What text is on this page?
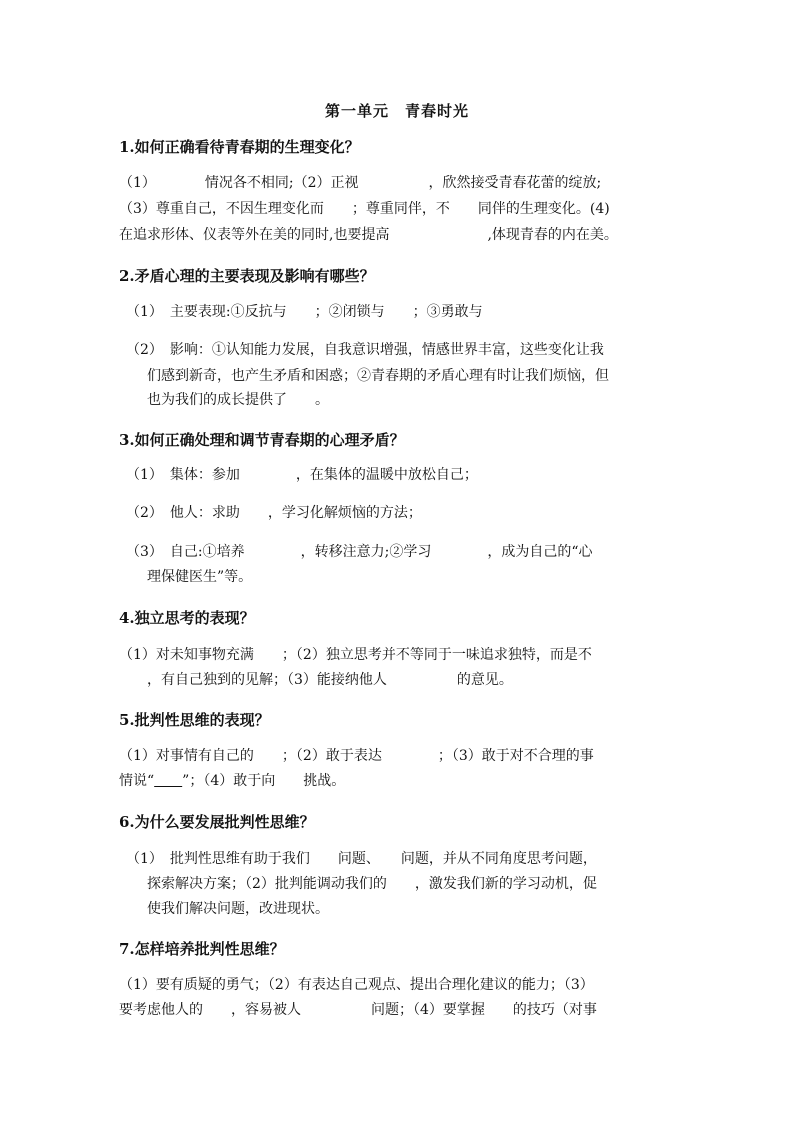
第一单元　青春时光
1.如何正确看待青春期的生理变化？
（1）　　　　情况各不相同;（2）正视　　　　　，欣然接受青春花蕾的绽放;
（3）尊重自己，不因生理变化而　　；尊重同伴，不　　同伴的生理变化。(4)
在追求形体、仪表等外在美的同时,也要提高　　　　　　　,体现青春的内在美。
2.矛盾心理的主要表现及影响有哪些？
（1）　主要表现:①反抗与　　；②闭锁与　　；③勇敢与
（2）　影响：①认知能力发展，自我意识增强，情感世界丰富，这些变化让我
们感到新奇，也产生矛盾和困惑；②青春期的矛盾心理有时让我们烦恼，但
也为我们的成长提供了　　。
3.如何正确处理和调节青春期的心理矛盾？
（1）　集体：参加　　　　，在集体的温暖中放松自己；
（2）　他人：求助　　，学习化解烦恼的方法；
（3）　自己:①培养　　　　，转移注意力;②学习　　　　，成为自己的“心
理保健医生”等。
4.独立思考的表现？
（1）对未知事物充满　　；（2）独立思考并不等同于一味追求独特，而是不
　　，有自己独到的见解；（3）能接纳他人　　　　　的意见。
5.批判性思维的表现？
（1）对事情有自己的　　；（2）敢于表达　　　　；（3）敢于对不合理的事
情说“　　 ”；（4）敢于向　　挑战。
6.为什么要发展批判性思维？
（1）　批判性思维有助于我们　　问题、　　问题，并从不同角度思考问题，
探索解决方案；（2）批判能调动我们的　　，激发我们新的学习动机，促
使我们解决问题，改进现状。
7.怎样培养批判性思维？
（1）要有质疑的勇气；（2）有表达自己观点、提出合理化建议的能力；（3）
要考虑他人的　　，容易被人　　　　　问题；（4）要掌握　　的技巧（对事
